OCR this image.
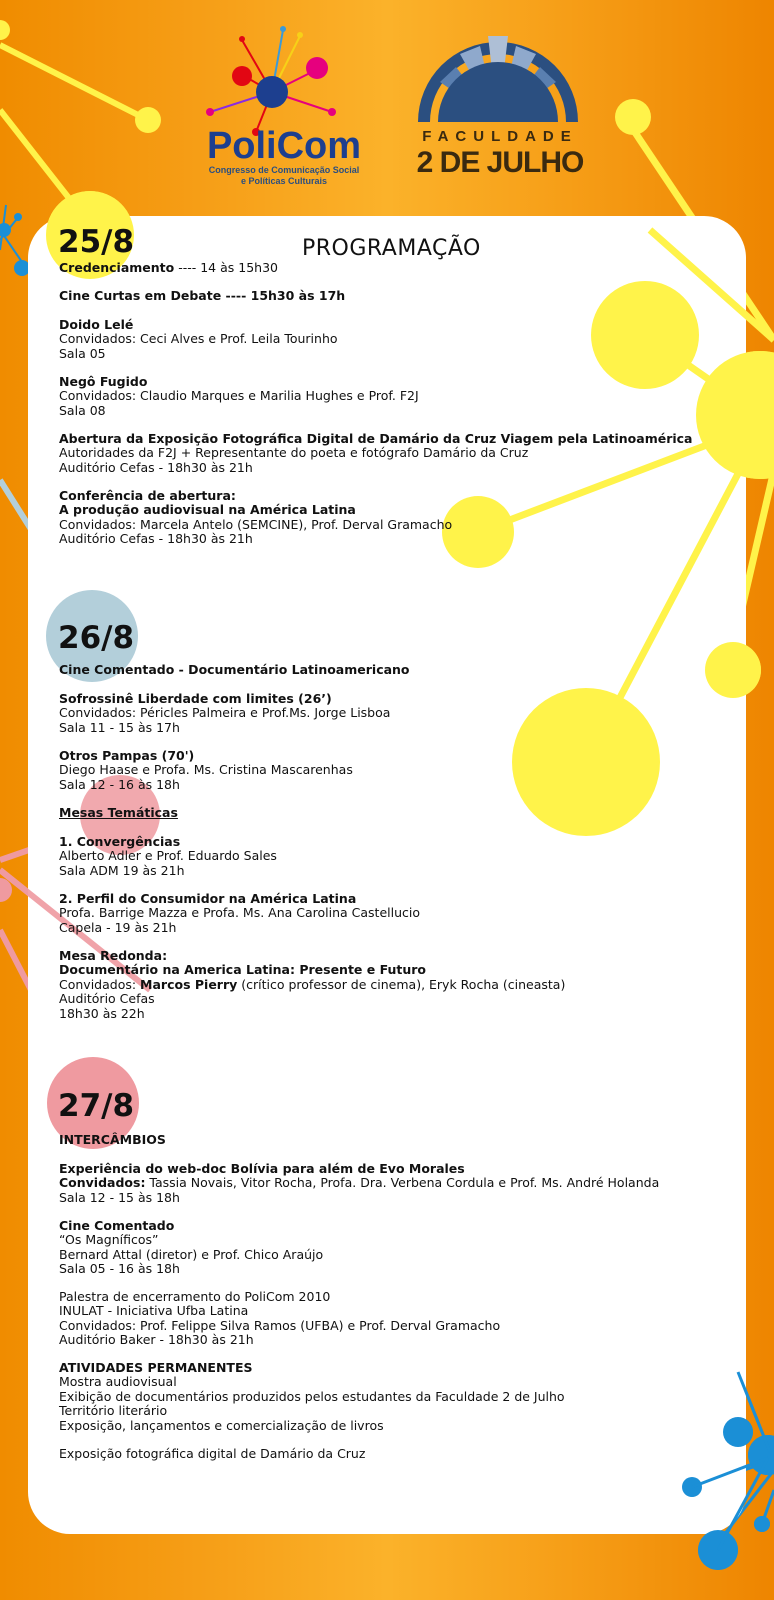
PoliCom
Congresso de Comunicação Social
e Políticas Culturais
FACULDADE
2 DE JULHO
PROGRAMAÇÃO
25/8
Credenciamento ---- 14 às 15h30
Cine Curtas em Debate ---- 15h30 às 17h
Doido Lelé
Convidados: Ceci Alves e Prof. Leila Tourinho
Sala 05
Negô Fugido
Convidados: Claudio Marques e Marilia Hughes e Prof. F2J
Sala 08
Abertura da Exposição Fotográfica Digital de Damário da Cruz Viagem pela Latinoamérica
Autoridades da F2J + Representante do poeta e fotógrafo Damário da Cruz
Auditório Cefas - 18h30 às 21h
Conferência de abertura:
A produção audiovisual na América Latina
Convidados: Marcela Antelo (SEMCINE), Prof. Derval Gramacho
Auditório Cefas - 18h30 às 21h
26/8
Cine Comentado - Documentário Latinoamericano
Sofrossinê Liberdade com limites (26’)
Convidados: Péricles Palmeira e Prof.Ms. Jorge Lisboa
Sala 11 - 15 às 17h
Otros Pampas (70')
Diego Haase e Profa. Ms. Cristina Mascarenhas
Sala 12 - 16 às 18h
Mesas Temáticas
1. Convergências
Alberto Adler e Prof. Eduardo Sales
Sala ADM 19 às 21h
2. Perfil do Consumidor na América Latina
Profa. Barrige Mazza e Profa. Ms. Ana Carolina Castellucio
Capela - 19 às 21h
Mesa Redonda:
Documentário na America Latina: Presente e Futuro
Convidados: Marcos Pierry (crítico professor de cinema), Eryk Rocha (cineasta)
Auditório Cefas
18h30 às 22h
27/8
INTERCÂMBIOS
Experiência do web-doc Bolívia para além de Evo Morales
Convidados: Tassia Novais, Vitor Rocha, Profa. Dra. Verbena Cordula e Prof. Ms. André Holanda
Sala 12 - 15 às 18h
Cine Comentado
“Os Magníficos”
Bernard Attal (diretor) e Prof. Chico Araújo
Sala 05 - 16 às 18h
Palestra de encerramento do PoliCom 2010
INULAT - Iniciativa Ufba Latina
Convidados: Prof. Felippe Silva Ramos (UFBA) e Prof. Derval Gramacho
Auditório Baker - 18h30 às 21h
ATIVIDADES PERMANENTES
Mostra audiovisual
Exibição de documentários produzidos pelos estudantes da Faculdade 2 de Julho
Território literário
Exposição, lançamentos e comercialização de livros
Exposição fotográfica digital de Damário da Cruz
